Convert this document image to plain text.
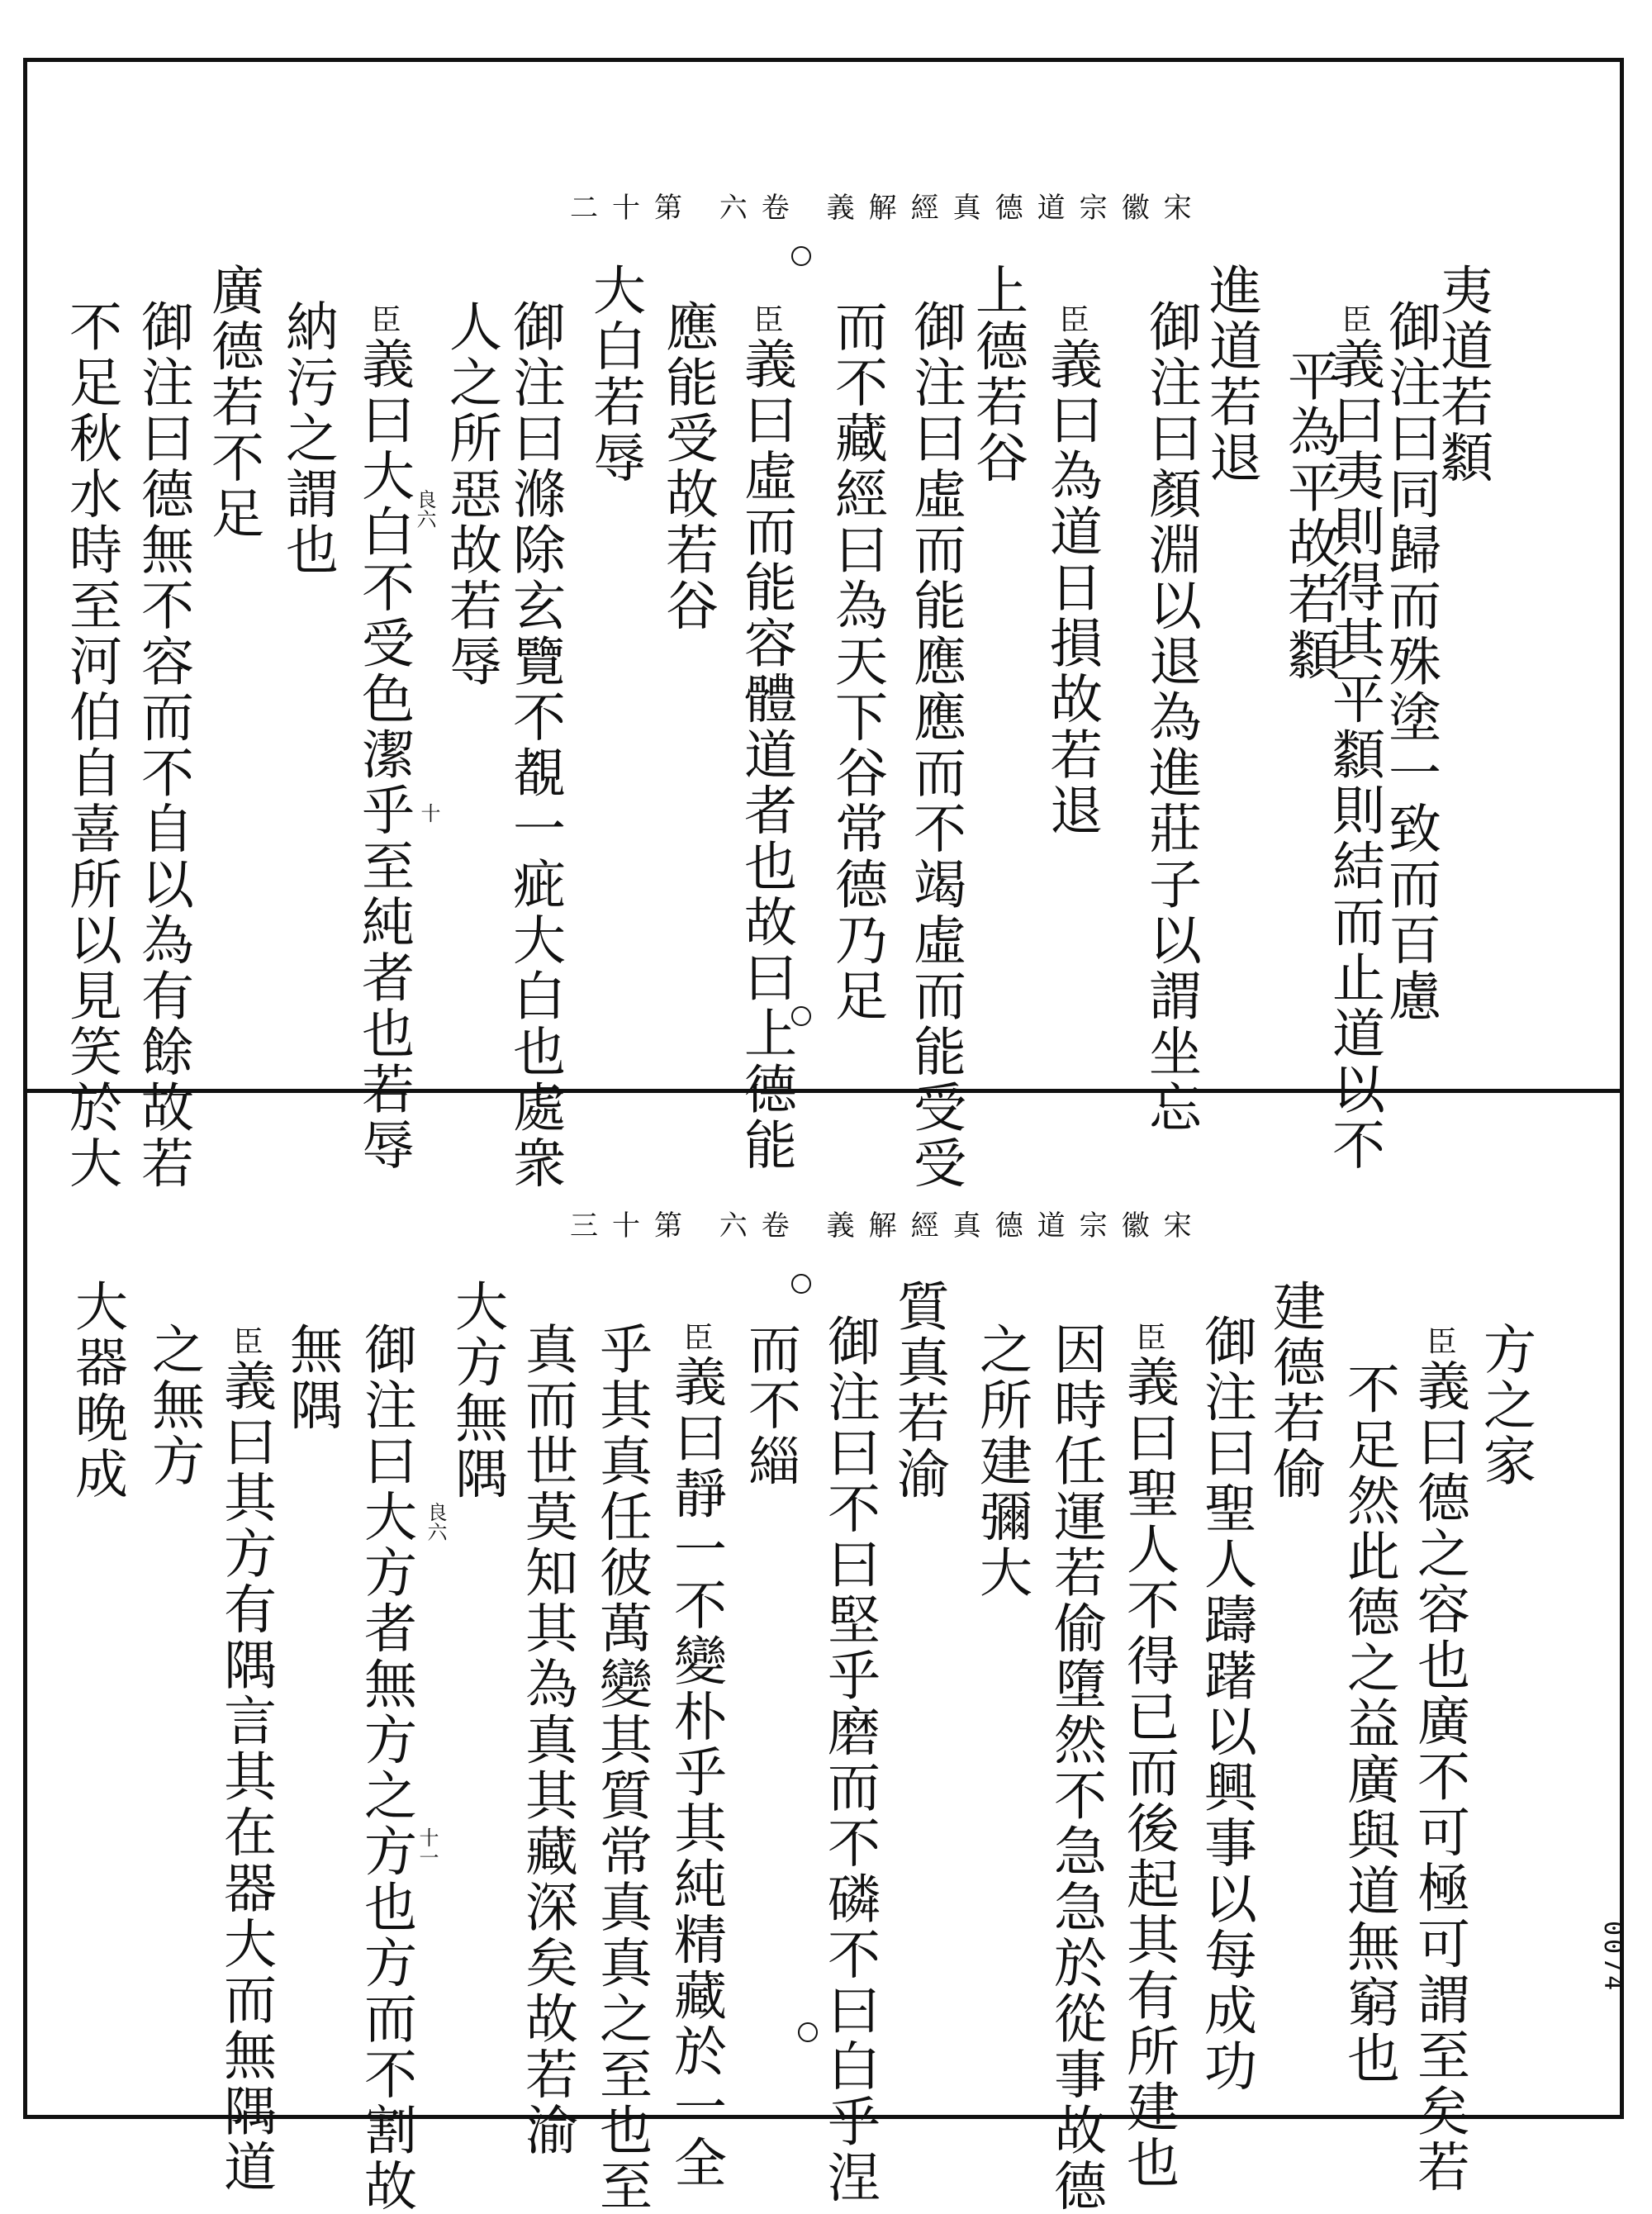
宋徽宗道德真經解義 卷六 第十二
夷道若纇
御注曰同歸而殊塗一致而百慮
臣義曰夷則得其平纇則結而止道以不
平為平故若纇
進道若退
御注曰顏淵以退為進莊子以謂坐忘
臣義曰為道日損故若退
上德若谷
御注曰虛而能應應而不竭虛而能受受
而不藏經曰為天下谷常德乃足
臣義曰虛而能容體道者也故曰上德能
應能受故若谷
大白若辱
御注曰滌除玄覽不覩一疵大白也處衆
人之所惡故若辱
臣義曰大白不受色潔乎至純者也若辱
納污之謂也
廣德若不足
御注曰德無不容而不自以為有餘故若
不足秋水時至河伯自喜所以見笑於大	良六
十
宋徽宗道德真經解義 卷六 第十三
方之家
臣義曰德之容也廣不可極可謂至矣若
不足然此德之益廣與道無窮也
建德若偷
御注曰聖人躊躇以興事以每成功
臣義曰聖人不得已而後起其有所建也
因時任運若偷墮然不急急於從事故德
之所建彌大
質真若渝
御注曰不曰堅乎磨而不磷不曰白乎涅
而不緇
臣義曰靜一不變朴乎其純精藏於一全
乎其真任彼萬變其質常真真之至也至
真而世莫知其為真其藏深矣故若渝
大方無隅
御注曰大方者無方之方也方而不割故
無隅
臣義曰其方有隅言其在器大而無隅道
之無方
大器晚成
良六
十一
0074
